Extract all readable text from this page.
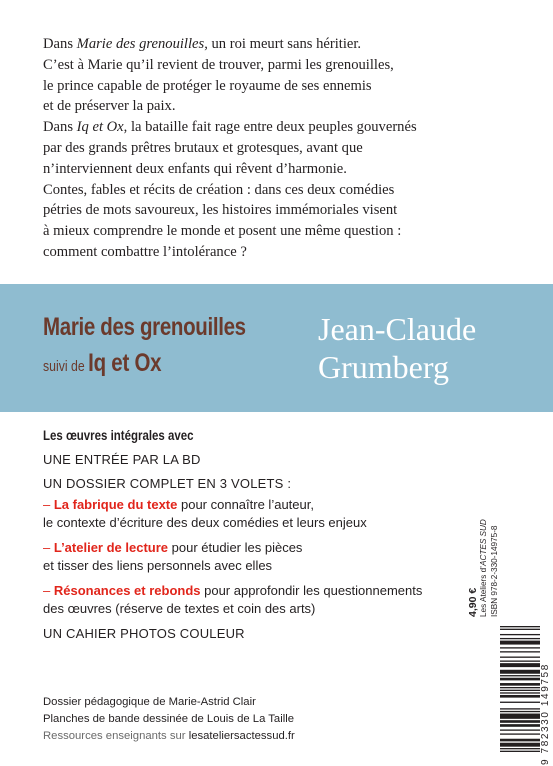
Dans Marie des grenouilles, un roi meurt sans héritier.

C’est à Marie qu’il revient de trouver, parmi les grenouilles,

le prince capable de protéger le royaume de ses ennemis

et de préserver la paix.

Dans Iq et Ox, la bataille fait rage entre deux peuples gouvernés

par des grands prêtres brutaux et grotesques, avant que

n’interviennent deux enfants qui rêvent d’harmonie.

Contes, fables et récits de création : dans ces deux comédies

pétries de mots savoureux, les histoires immémoriales visent

à mieux comprendre le monde et posent une même question :

comment combattre l’intolérance ?

Marie des grenouilles
suivi de Iq et Ox
Jean-Claude
Grumberg
Les œuvres intégrales avec
UNE ENTRÉE PAR LA BD
UN DOSSIER COMPLET EN 3 VOLETS :
– La fabrique du texte pour connaître l’auteur,
le contexte d’écriture des deux comédies et leurs enjeux
– L’atelier de lecture pour étudier les pièces
et tisser des liens personnels avec elles
– Résonances et rebonds pour approfondir les questionnements
des œuvres (réserve de textes et coin des arts)
UN CAHIER PHOTOS COULEUR

Dossier pédagogique de Marie-Astrid Clair

Planches de bande dessinée de Louis de La Taille

Ressources enseignants sur lesateliersactessud.fr

4,90 € Les Ateliers d’ACTES SUD ISBN 978-2-330-14975-8
9 782330 149758
